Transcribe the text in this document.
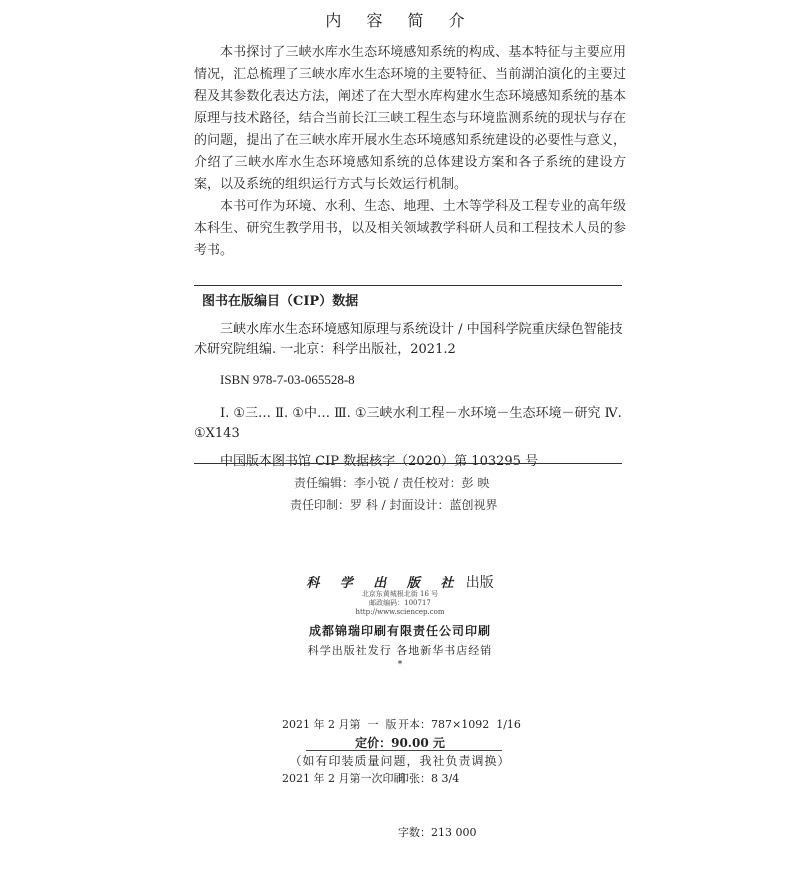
内 容 简 介

本书探讨了三峡水库水生态环境感知系统的构成、基本特征与主要应用情况，汇总梳理了三峡水库水生态环境的主要特征、当前湖泊演化的主要过程及其参数化表达方法，阐述了在大型水库构建水生态环境感知系统的基本原理与技术路径，结合当前长江三峡工程生态与环境监测系统的现状与存在的问题，提出了在三峡水库开展水生态环境感知系统建设的必要性与意义，介绍了三峡水库水生态环境感知系统的总体建设方案和各子系统的建设方案，以及系统的组织运行方式与长效运行机制。

本书可作为环境、水利、生态、地理、土木等学科及工程专业的高年级本科生、研究生教学用书，以及相关领域教学科研人员和工程技术人员的参考书。

图书在版编目（CIP）数据
三峡水库水生态环境感知原理与系统设计 / 中国科学院重庆绿色智能技术研究院组编. 一北京：科学出版社，2021.2
ISBN 978-7-03-065528-8
Ⅰ. ①三… Ⅱ. ①中… Ⅲ. ①三峡水利工程－水环境－生态环境－研究 Ⅳ. ①X143
中国版本图书馆 CIP 数据核字（2020）第 103295 号
责任编辑：李小锐 / 责任校对：彭 映
责任印制：罗 科 / 封面设计：蓝创视界
科 学 出 版 社 出版
北京东黄城根北街 16 号
邮政编码：100717
http://www.sciencep.com
成都锦瑞印刷有限责任公司印刷
科学出版社发行 各地新华书店经销
*

2021 年 2 月第  一  版 开本：787×1092  1/16

2021 年 2 月第一次印刷
印张：8 3/4

字数：213 000

定价：90.00 元
（如有印装质量问题，我社负责调换）
